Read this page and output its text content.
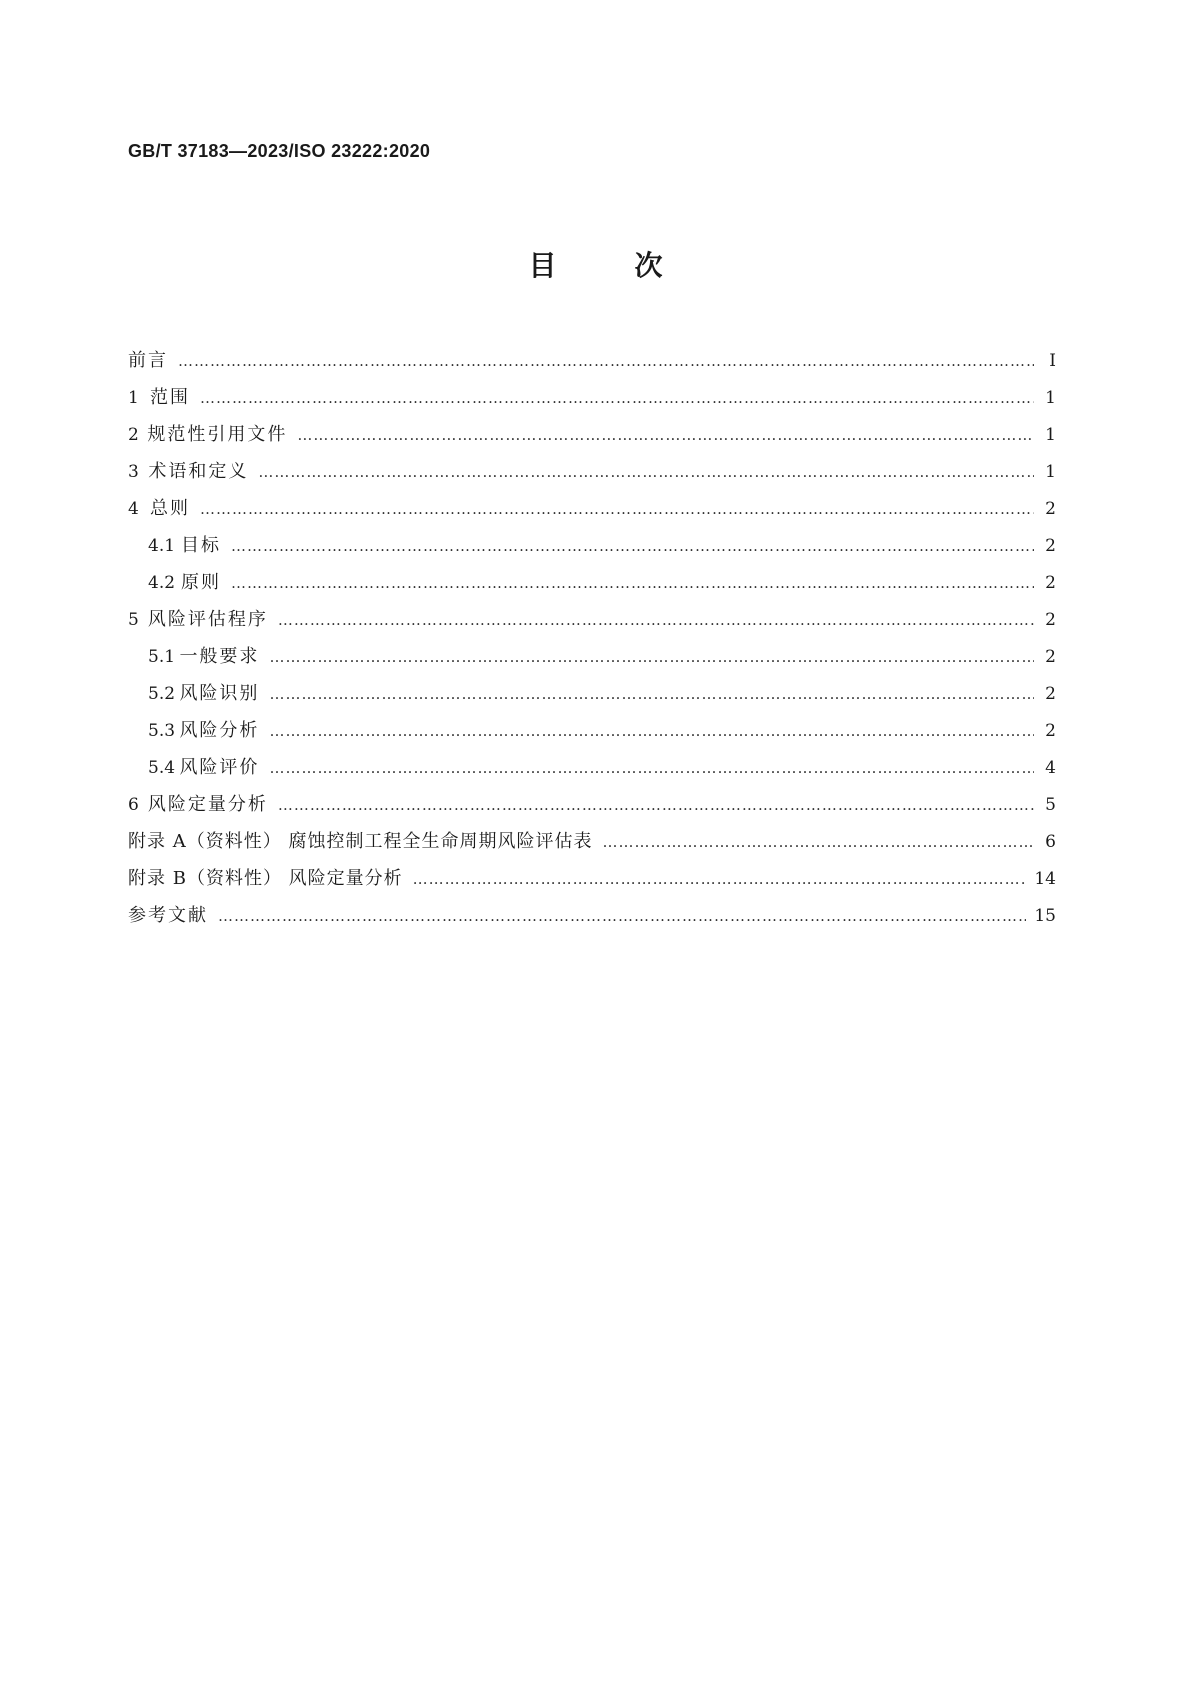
GB/T 37183—2023/ISO 23222:2020
目	次
前言 …………………………………………………………………………………………………………………………………………………………………………………………………………	Ⅰ
1 范围 …………………………………………………………………………………………………………………………………………………………………………………………………………	1
2 规范性引用文件 …………………………………………………………………………………………………………………………………………………………………………………………………………	1
3 术语和定义 …………………………………………………………………………………………………………………………………………………………………………………………………………	1
4 总则 …………………………………………………………………………………………………………………………………………………………………………………………………………	2
4.1 目标 …………………………………………………………………………………………………………………………………………………………………………………………………………	2
4.2 原则 …………………………………………………………………………………………………………………………………………………………………………………………………………	2
5 风险评估程序 …………………………………………………………………………………………………………………………………………………………………………………………………………	2
5.1 一般要求 …………………………………………………………………………………………………………………………………………………………………………………………………………	2
5.2 风险识别 …………………………………………………………………………………………………………………………………………………………………………………………………………	2
5.3 风险分析 …………………………………………………………………………………………………………………………………………………………………………………………………………	2
5.4 风险评价 …………………………………………………………………………………………………………………………………………………………………………………………………………	4
6 风险定量分析 …………………………………………………………………………………………………………………………………………………………………………………………………………	5
附录 A（资料性） 腐蚀控制工程全生命周期风险评估表 …………………………………………………………………………………………………………………………………………………………………………………………………………	6
附录 B（资料性） 风险定量分析 …………………………………………………………………………………………………………………………………………………………………………………………………………	14
参考文献 …………………………………………………………………………………………………………………………………………………………………………………………………………	15
